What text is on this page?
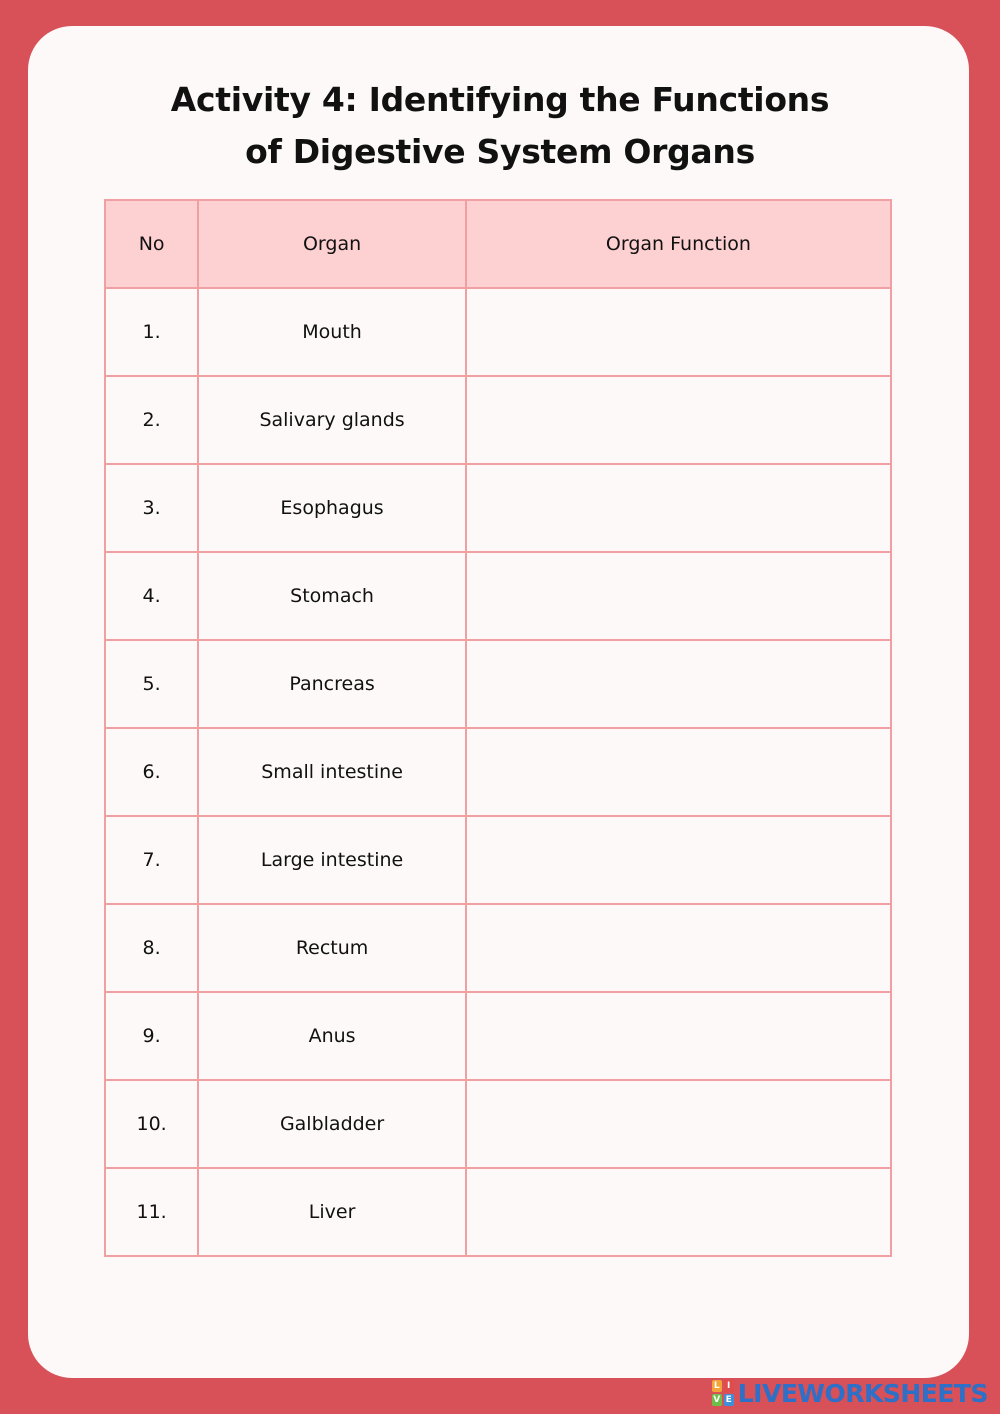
Activity 4: Identifying the Functions
of Digestive System Organs
No	Organ	Organ Function
1.	Mouth	
2.	Salivary glands	
3.	Esophagus	
4.	Stomach	
5.	Pancreas	
6.	Small intestine	
7.	Large intestine	
8.	Rectum	
9.	Anus	
10.	Galbladder	
11.	Liver	
L I
V E LIVEWORKSHEETS
